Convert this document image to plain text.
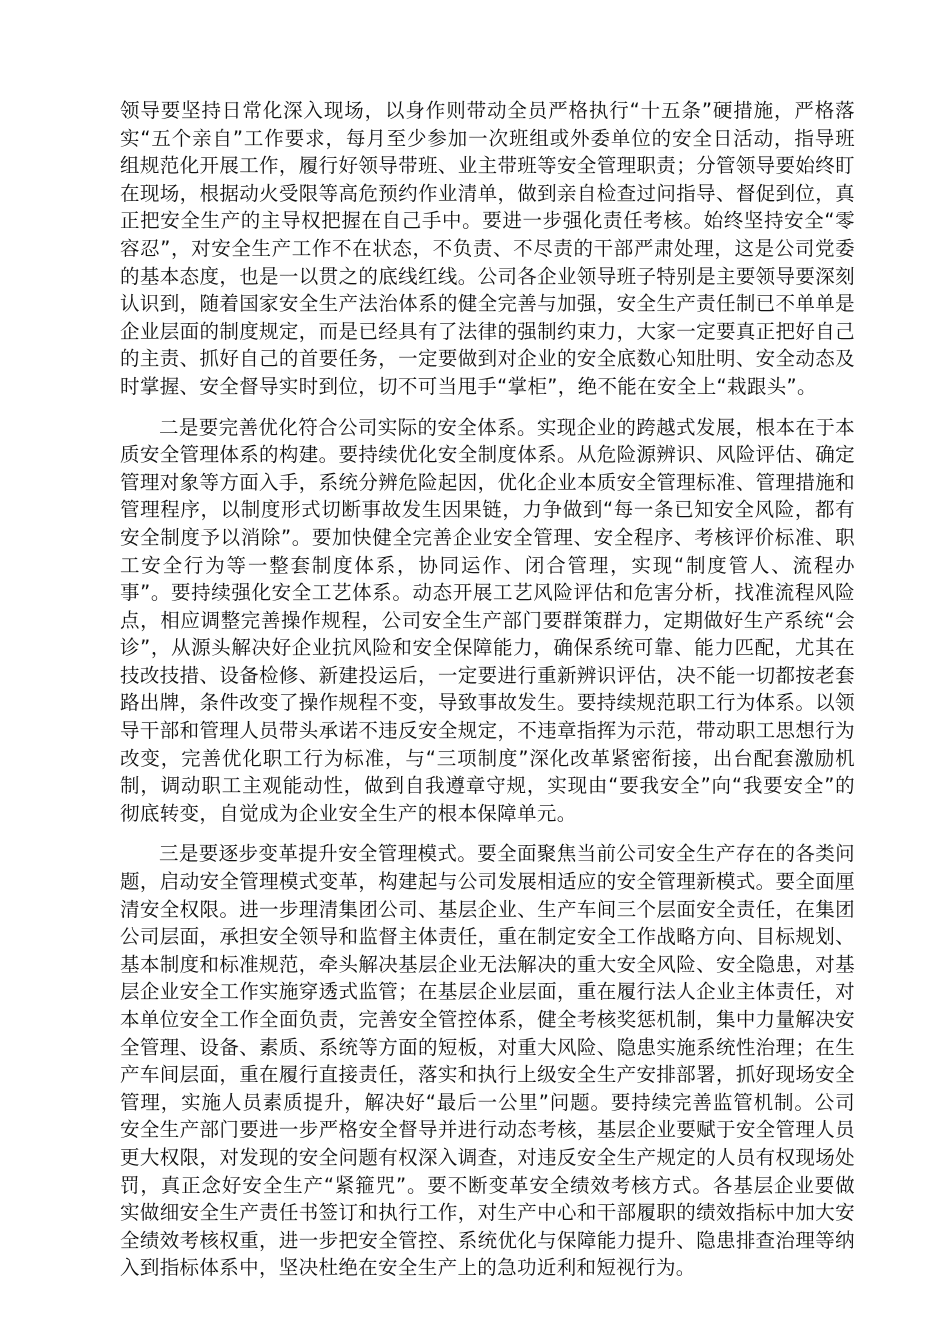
领导要坚持日常化深入现场，以身作则带动全员严格执行“十五条”硬措施，严格落实“五个亲自”工作要求，每月至少参加一次班组或外委单位的安全日活动，指导班组规范化开展工作，履行好领导带班、业主带班等安全管理职责；分管领导要始终盯在现场，根据动火受限等高危预约作业清单，做到亲自检查过问指导、督促到位，真正把安全生产的主导权把握在自己手中。要进一步强化责任考核。始终坚持安全“零容忍”，对安全生产工作不在状态，不负责、不尽责的干部严肃处理，这是公司党委的基本态度，也是一以贯之的底线红线。公司各企业领导班子特别是主要领导要深刻认识到，随着国家安全生产法治体系的健全完善与加强，安全生产责任制已不单单是企业层面的制度规定，而是已经具有了法律的强制约束力，大家一定要真正把好自己的主责、抓好自己的首要任务，一定要做到对企业的安全底数心知肚明、安全动态及时掌握、安全督导实时到位，切不可当甩手“掌柜”，绝不能在安全上“栽跟头”。

二是要完善优化符合公司实际的安全体系。实现企业的跨越式发展，根本在于本质安全管理体系的构建。要持续优化安全制度体系。从危险源辨识、风险评估、确定管理对象等方面入手，系统分辨危险起因，优化企业本质安全管理标准、管理措施和管理程序，以制度形式切断事故发生因果链，力争做到“每一条已知安全风险，都有安全制度予以消除”。要加快健全完善企业安全管理、安全程序、考核评价标准、职工安全行为等一整套制度体系，协同运作、闭合管理，实现“制度管人、流程办事”。要持续强化安全工艺体系。动态开展工艺风险评估和危害分析，找准流程风险点，相应调整完善操作规程，公司安全生产部门要群策群力，定期做好生产系统“会诊”，从源头解决好企业抗风险和安全保障能力，确保系统可靠、能力匹配，尤其在技改技措、设备检修、新建投运后，一定要进行重新辨识评估，决不能一切都按老套路出牌，条件改变了操作规程不变，导致事故发生。要持续规范职工行为体系。以领导干部和管理人员带头承诺不违反安全规定，不违章指挥为示范，带动职工思想行为改变，完善优化职工行为标准，与“三项制度”深化改革紧密衔接，出台配套激励机制，调动职工主观能动性，做到自我遵章守规，实现由“要我安全”向“我要安全”的彻底转变，自觉成为企业安全生产的根本保障单元。

三是要逐步变革提升安全管理模式。要全面聚焦当前公司安全生产存在的各类问题，启动安全管理模式变革，构建起与公司发展相适应的安全管理新模式。要全面厘清安全权限。进一步理清集团公司、基层企业、生产车间三个层面安全责任，在集团公司层面，承担安全领导和监督主体责任，重在制定安全工作战略方向、目标规划、基本制度和标准规范，牵头解决基层企业无法解决的重大安全风险、安全隐患，对基层企业安全工作实施穿透式监管；在基层企业层面，重在履行法人企业主体责任，对本单位安全工作全面负责，完善安全管控体系，健全考核奖惩机制，集中力量解决安全管理、设备、素质、系统等方面的短板，对重大风险、隐患实施系统性治理；在生产车间层面，重在履行直接责任，落实和执行上级安全生产安排部署，抓好现场安全管理，实施人员素质提升，解决好“最后一公里”问题。要持续完善监管机制。公司安全生产部门要进一步严格安全督导并进行动态考核，基层企业要赋于安全管理人员更大权限，对发现的安全问题有权深入调查，对违反安全生产规定的人员有权现场处罚，真正念好安全生产“紧箍咒”。要不断变革安全绩效考核方式。各基层企业要做实做细安全生产责任书签订和执行工作，对生产中心和干部履职的绩效指标中加大安全绩效考核权重，进一步把安全管控、系统优化与保障能力提升、隐患排查治理等纳入到指标体系中，坚决杜绝在安全生产上的急功近利和短视行为。
